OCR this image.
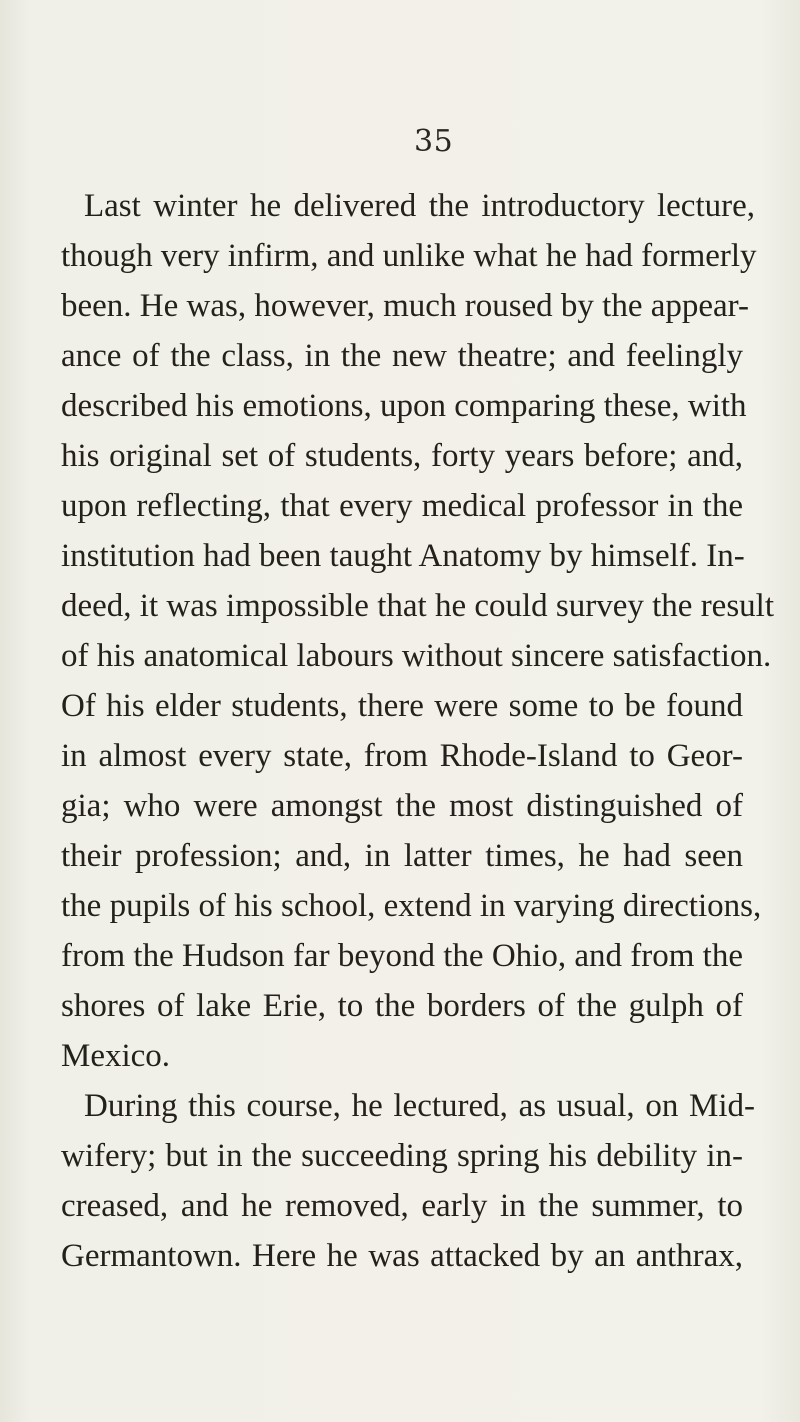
35
Last winter he delivered the introductory lecture,
though very infirm, and unlike what he had formerly
been. He was, however, much roused by the appear-
ance of the class, in the new theatre; and feelingly
described his emotions, upon comparing these, with
his original set of students, forty years before; and,
upon reflecting, that every medical professor in the
institution had been taught Anatomy by himself. In-
deed, it was impossible that he could survey the result
of his anatomical labours without sincere satisfaction.
Of his elder students, there were some to be found
in almost every state, from Rhode-Island to Geor-
gia; who were amongst the most distinguished of
their profession; and, in latter times, he had seen
the pupils of his school, extend in varying directions,
from the Hudson far beyond the Ohio, and from the
shores of lake Erie, to the borders of the gulph of
Mexico.
During this course, he lectured, as usual, on Mid-
wifery; but in the succeeding spring his debility in-
creased, and he removed, early in the summer, to
Germantown. Here he was attacked by an anthrax,
